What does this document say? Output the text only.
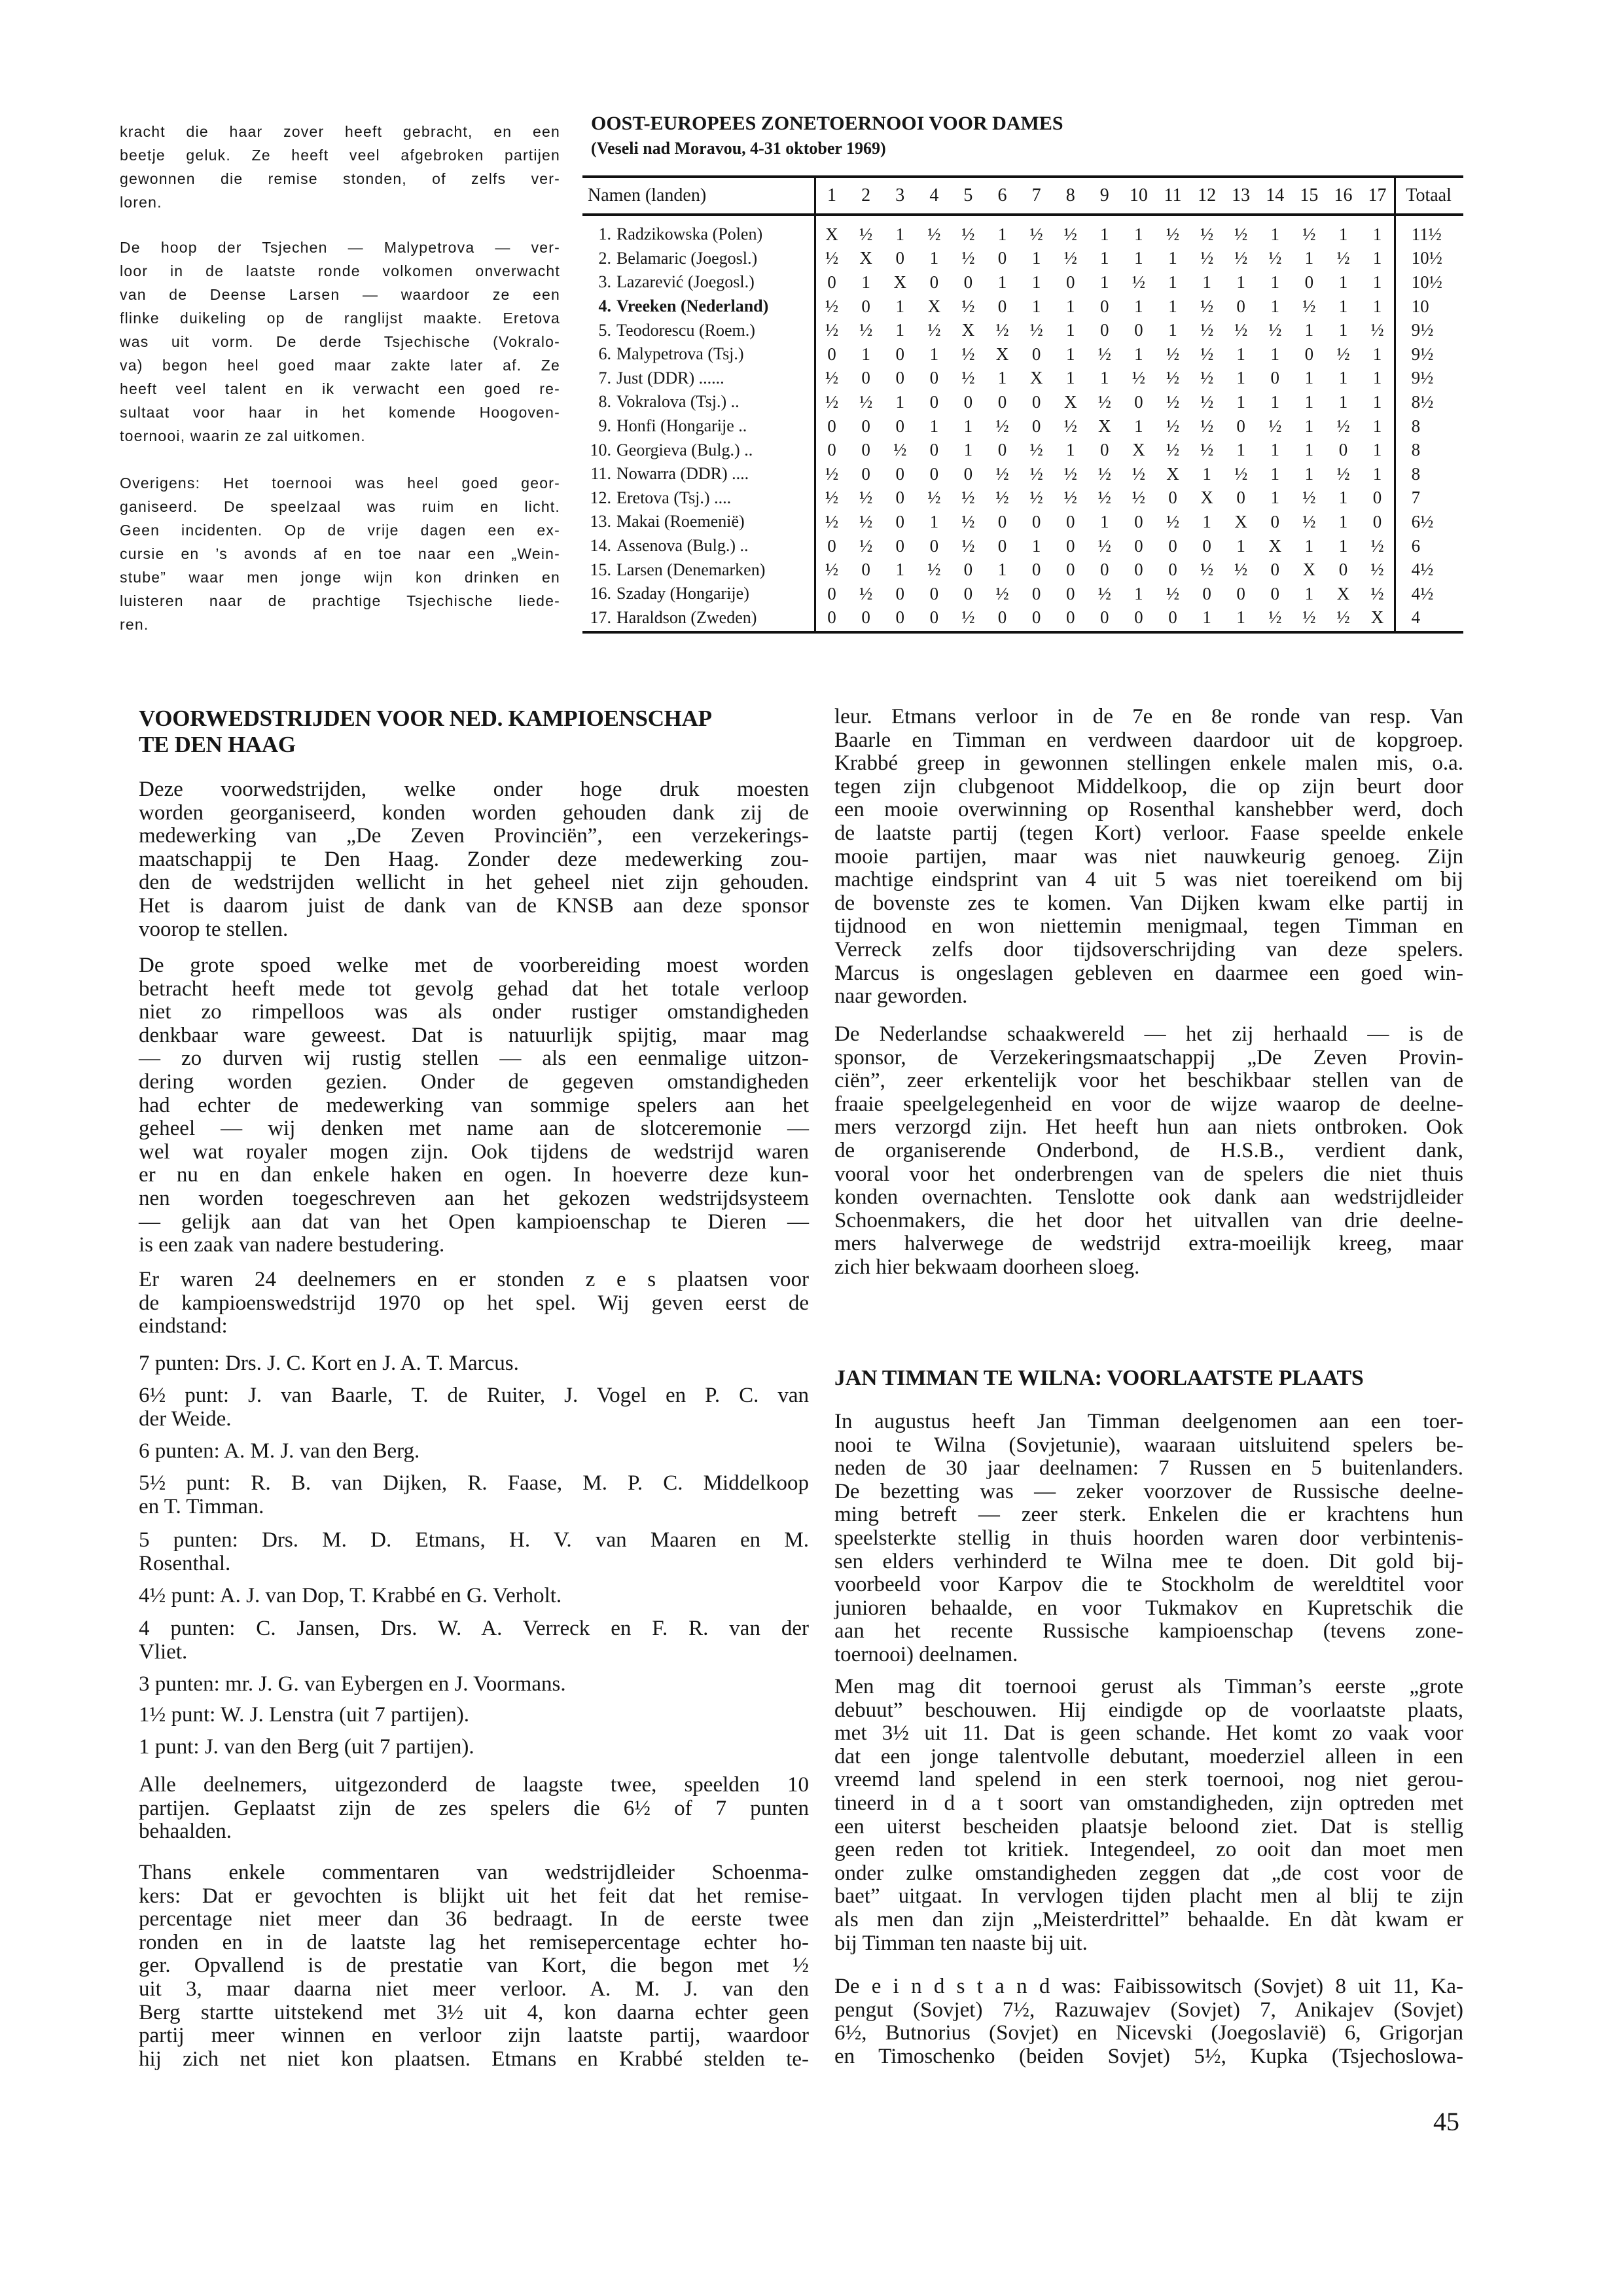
kracht die haar zover heeft gebracht, en een
beetje geluk. Ze heeft veel afgebroken partijen
gewonnen die remise stonden, of zelfs ver-
loren.
De hoop der Tsjechen — Malypetrova — ver-
loor in de laatste ronde volkomen onverwacht
van de Deense Larsen — waardoor ze een
flinke duikeling op de ranglijst maakte. Eretova
was uit vorm. De derde Tsjechische (Vokralo-
va) begon heel goed maar zakte later af. Ze
heeft veel talent en ik verwacht een goed re-
sultaat voor haar in het komende Hoogoven-
toernooi, waarin ze zal uitkomen.
Overigens: Het toernooi was heel goed geor-
ganiseerd. De speelzaal was ruim en licht.
Geen incidenten. Op de vrije dagen een ex-
cursie en ’s avonds af en toe naar een „Wein-
stube” waar men jonge wijn kon drinken en
luisteren naar de prachtige Tsjechische liede-
ren.
OOST-EUROPEES ZONETOERNOOI VOOR DAMES
(Veseli nad Moravou, 4-31 oktober 1969)
Namen (landen)	1	2	3	4	5	6	7	8	9	10 11 12 13 14 15 16 17	Totaal
1. Radzikowska (Polen)	X	½	1	½	½	1	½	½	1	1	½	½	½	1	½	1	1	11½
2. Belamaric (Joegosl.)	½	X	0	1	½	0	1	½	1	1	1	½	½	½	1	½	1	10½
3. Lazarević (Joegosl.)	0	1	X	0	0	1	1	0	1	½	1	1	1	1	0	1	1	10½
4. Vreeken (Nederland)	½	0	1	X	½	0	1	1	0	1	1	½	0	1	½	1	1	10
5. Teodorescu (Roem.)	½	½	1	½	X	½	½	1	0	0	1	½	½	½	1	1	½	9½
6. Malypetrova (Tsj.)	0	1	0	1	½	X	0	1	½	1	½	½	1	1	0	½	1	9½
7. Just (DDR) ......	½	0	0	0	½	1	X	1	1	½	½	½	1	0	1	1	1	9½
8. Vokralova (Tsj.) ..	½	½	1	0	0	0	0	X	½	0	½	½	1	1	1	1	1	8½
9. Honfi (Hongarije ..	0	0	0	1	1	½	0	½	X	1	½	½	0	½	1	½	1	8
10. Georgieva (Bulg.) ..	0	0	½	0	1	0	½	1	0	X	½	½	1	1	1	0	1	8
11. Nowarra (DDR) ....	½	0	0	0	0	½	½	½	½	½	X	1	½	1	1	½	1	8
12. Eretova (Tsj.) ....	½	½	0	½	½	½	½	½	½	½	0	X	0	1	½	1	0	7
13. Makai (Roemenië)	½	½	0	1	½	0	0	0	1	0	½	1	X	0	½	1	0	6½
14. Assenova (Bulg.) ..	0	½	0	0	½	0	1	0	½	0	0	0	1	X	1	1	½	6
15. Larsen (Denemarken)	½	0	1	½	0	1	0	0	0	0	0	½	½	0	X	0	½	4½
16. Szaday (Hongarije)	0	½	0	0	0	½	0	0	½	1	½	0	0	0	1	X	½	4½
17. Haraldson (Zweden)	0	0	0	0	½	0	0	0	0	0	0	1	1	½	½	½	X	4
VOORWEDSTRIJDEN VOOR NED. KAMPIOENSCHAP
TE DEN HAAG
Deze voorwedstrijden, welke onder hoge druk moesten
worden georganiseerd, konden worden gehouden dank zij de
medewerking van „De Zeven Provinciën”, een verzekerings-
maatschappij te Den Haag. Zonder deze medewerking zou-
den de wedstrijden wellicht in het geheel niet zijn gehouden.
Het is daarom juist de dank van de KNSB aan deze sponsor
voorop te stellen.
De grote spoed welke met de voorbereiding moest worden
betracht heeft mede tot gevolg gehad dat het totale verloop
niet zo rimpelloos was als onder rustiger omstandigheden
denkbaar ware geweest. Dat is natuurlijk spijtig, maar mag
— zo durven wij rustig stellen — als een eenmalige uitzon-
dering worden gezien. Onder de gegeven omstandigheden
had echter de medewerking van sommige spelers aan het
geheel — wij denken met name aan de slotceremonie —
wel wat royaler mogen zijn. Ook tijdens de wedstrijd waren
er nu en dan enkele haken en ogen. In hoeverre deze kun-
nen worden toegeschreven aan het gekozen wedstrijdsysteem
— gelijk aan dat van het Open kampioenschap te Dieren —
is een zaak van nadere bestudering.
Er waren 24 deelnemers en er stonden z e s plaatsen voor
de kampioenswedstrijd 1970 op het spel. Wij geven eerst de
eindstand:
7 punten: Drs. J. C. Kort en J. A. T. Marcus.
6½ punt: J. van Baarle, T. de Ruiter, J. Vogel en P. C. van
der Weide.
6 punten: A. M. J. van den Berg.
5½ punt: R. B. van Dijken, R. Faase, M. P. C. Middelkoop
en T. Timman.
5 punten: Drs. M. D. Etmans, H. V. van Maaren en M.
Rosenthal.
4½ punt: A. J. van Dop, T. Krabbé en G. Verholt.
4 punten: C. Jansen, Drs. W. A. Verreck en F. R. van der
Vliet.
3 punten: mr. J. G. van Eybergen en J. Voormans.
1½ punt: W. J. Lenstra (uit 7 partijen).
1 punt: J. van den Berg (uit 7 partijen).
Alle deelnemers, uitgezonderd de laagste twee, speelden 10
partijen. Geplaatst zijn de zes spelers die 6½ of 7 punten
behaalden.
Thans enkele commentaren van wedstrijdleider Schoenma-
kers: Dat er gevochten is blijkt uit het feit dat het remise-
percentage niet meer dan 36 bedraagt. In de eerste twee
ronden en in de laatste lag het remisepercentage echter ho-
ger. Opvallend is de prestatie van Kort, die begon met ½
uit 3, maar daarna niet meer verloor. A. M. J. van den
Berg startte uitstekend met 3½ uit 4, kon daarna echter geen
partij meer winnen en verloor zijn laatste partij, waardoor
hij zich net niet kon plaatsen. Etmans en Krabbé stelden te-
leur. Etmans verloor in de 7e en 8e ronde van resp. Van
Baarle en Timman en verdween daardoor uit de kopgroep.
Krabbé greep in gewonnen stellingen enkele malen mis, o.a.
tegen zijn clubgenoot Middelkoop, die op zijn beurt door
een mooie overwinning op Rosenthal kanshebber werd, doch
de laatste partij (tegen Kort) verloor. Faase speelde enkele
mooie partijen, maar was niet nauwkeurig genoeg. Zijn
machtige eindsprint van 4 uit 5 was niet toereikend om bij
de bovenste zes te komen. Van Dijken kwam elke partij in
tijdnood en won niettemin menigmaal, tegen Timman en
Verreck zelfs door tijdsoverschrijding van deze spelers.
Marcus is ongeslagen gebleven en daarmee een goed win-
naar geworden.
De Nederlandse schaakwereld — het zij herhaald — is de
sponsor, de Verzekeringsmaatschappij „De Zeven Provin-
ciën”, zeer erkentelijk voor het beschikbaar stellen van de
fraaie speelgelegenheid en voor de wijze waarop de deelne-
mers verzorgd zijn. Het heeft hun aan niets ontbroken. Ook
de organiserende Onderbond, de H.S.B., verdient dank,
vooral voor het onderbrengen van de spelers die niet thuis
konden overnachten. Tenslotte ook dank aan wedstrijdleider
Schoenmakers, die het door het uitvallen van drie deelne-
mers halverwege de wedstrijd extra-moeilijk kreeg, maar
zich hier bekwaam doorheen sloeg.
JAN TIMMAN TE WILNA: VOORLAATSTE PLAATS
In augustus heeft Jan Timman deelgenomen aan een toer-
nooi te Wilna (Sovjetunie), waaraan uitsluitend spelers be-
neden de 30 jaar deelnamen: 7 Russen en 5 buitenlanders.
De bezetting was — zeker voorzover de Russische deelne-
ming betreft — zeer sterk. Enkelen die er krachtens hun
speelsterkte stellig in thuis hoorden waren door verbintenis-
sen elders verhinderd te Wilna mee te doen. Dit gold bij-
voorbeeld voor Karpov die te Stockholm de wereldtitel voor
junioren behaalde, en voor Tukmakov en Kupretschik die
aan het recente Russische kampioenschap (tevens zone-
toernooi) deelnamen.
Men mag dit toernooi gerust als Timman’s eerste „grote
debuut” beschouwen. Hij eindigde op de voorlaatste plaats,
met 3½ uit 11. Dat is geen schande. Het komt zo vaak voor
dat een jonge talentvolle debutant, moederziel alleen in een
vreemd land spelend in een sterk toernooi, nog niet gerou-
tineerd in d a t soort van omstandigheden, zijn optreden met
een uiterst bescheiden plaatsje beloond ziet. Dat is stellig
geen reden tot kritiek. Integendeel, zo ooit dan moet men
onder zulke omstandigheden zeggen dat „de cost voor de
baet” uitgaat. In vervlogen tijden placht men al blij te zijn
als men dan zijn „Meisterdrittel” behaalde. En dàt kwam er
bij Timman ten naaste bij uit.
De e i n d s t a n d was: Faibissowitsch (Sovjet) 8 uit 11, Ka-
pengut (Sovjet) 7½, Razuwajev (Sovjet) 7, Anikajev (Sovjet)
6½, Butnorius (Sovjet) en Nicevski (Joegoslavië) 6, Grigorjan
en Timoschenko (beiden Sovjet) 5½, Kupka (Tsjechoslowa-
45
